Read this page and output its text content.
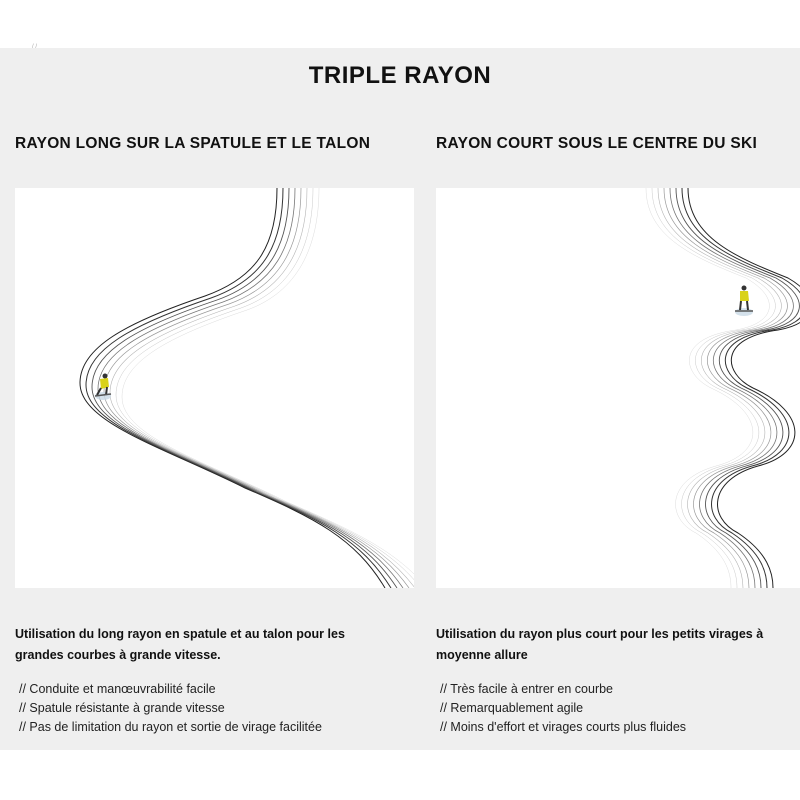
/ /
TRIPLE RAYON
RAYON LONG SUR LA SPATULE ET LE TALON
Utilisation du long rayon en spatule et au talon pour les grandes courbes à grande vitesse.
// Conduite et manœuvrabilité facile
// Spatule résistante à grande vitesse
// Pas de limitation du rayon et sortie de virage facilitée
RAYON COURT SOUS LE CENTRE DU SKI
Utilisation du rayon plus court pour les petits virages à moyenne allure
// Très facile à entrer en courbe
// Remarquablement agile
// Moins d'effort et virages courts plus fluides
